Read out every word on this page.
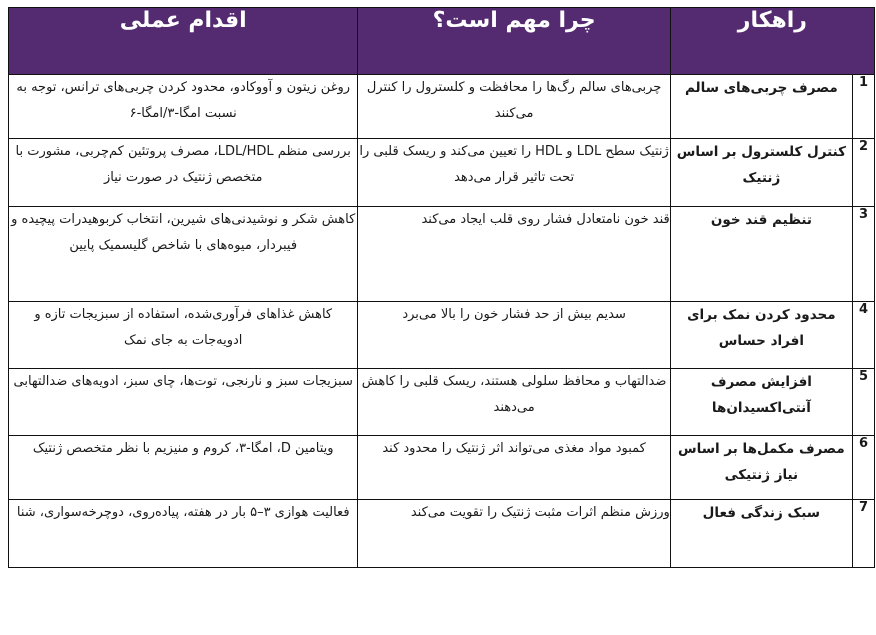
راهکار		چرا مهم است؟	اقدام عملی
1	مصرف چربی‌های سالم	چربی‌های سالم رگ‌ها را محافظت و کلسترول را کنترل می‌کنند	روغن زیتون و آووکادو، محدود کردن چربی‌های ترانس، توجه به نسبت امگا-۳/امگا-۶
2	کنترل کلسترول بر اساس ژنتیک	ژنتیک سطح LDL و HDL را تعیین می‌کند و ریسک قلبی را تحت تاثیر قرار می‌دهد	بررسی منظم LDL/HDL، مصرف پروتئین کم‌چربی، مشورت با متخصص ژنتیک در صورت نیاز
3	تنظیم قند خون	قند خون نامتعادل فشار روی قلب ایجاد می‌کند	کاهش شکر و نوشیدنی‌های شیرین، انتخاب کربوهیدرات پیچیده و فیبردار، میوه‌های با شاخص گلیسمیک پایین
4	محدود کردن نمک برای افراد حساس	سدیم بیش از حد فشار خون را بالا می‌برد	کاهش غذاهای فرآوری‌شده، استفاده از سبزیجات تازه و ادویه‌جات به جای نمک
5	افزایش مصرف آنتی‌اکسیدان‌ها	ضدالتهاب و محافظ سلولی هستند، ریسک قلبی را کاهش می‌دهند	سبزیجات سبز و نارنجی، توت‌ها، چای سبز، ادویه‌های ضدالتهابی
6	مصرف مکمل‌ها بر اساس نیاز ژنتیکی	کمبود مواد مغذی می‌تواند اثر ژنتیک را محدود کند	ویتامین D، امگا-۳، کروم و منیزیم با نظر متخصص ژنتیک
7	سبک زندگی فعال	ورزش منظم اثرات مثبت ژنتیک را تقویت می‌کند	فعالیت هوازی ۳–۵ بار در هفته، پیاده‌روی، دوچرخه‌سواری، شنا
